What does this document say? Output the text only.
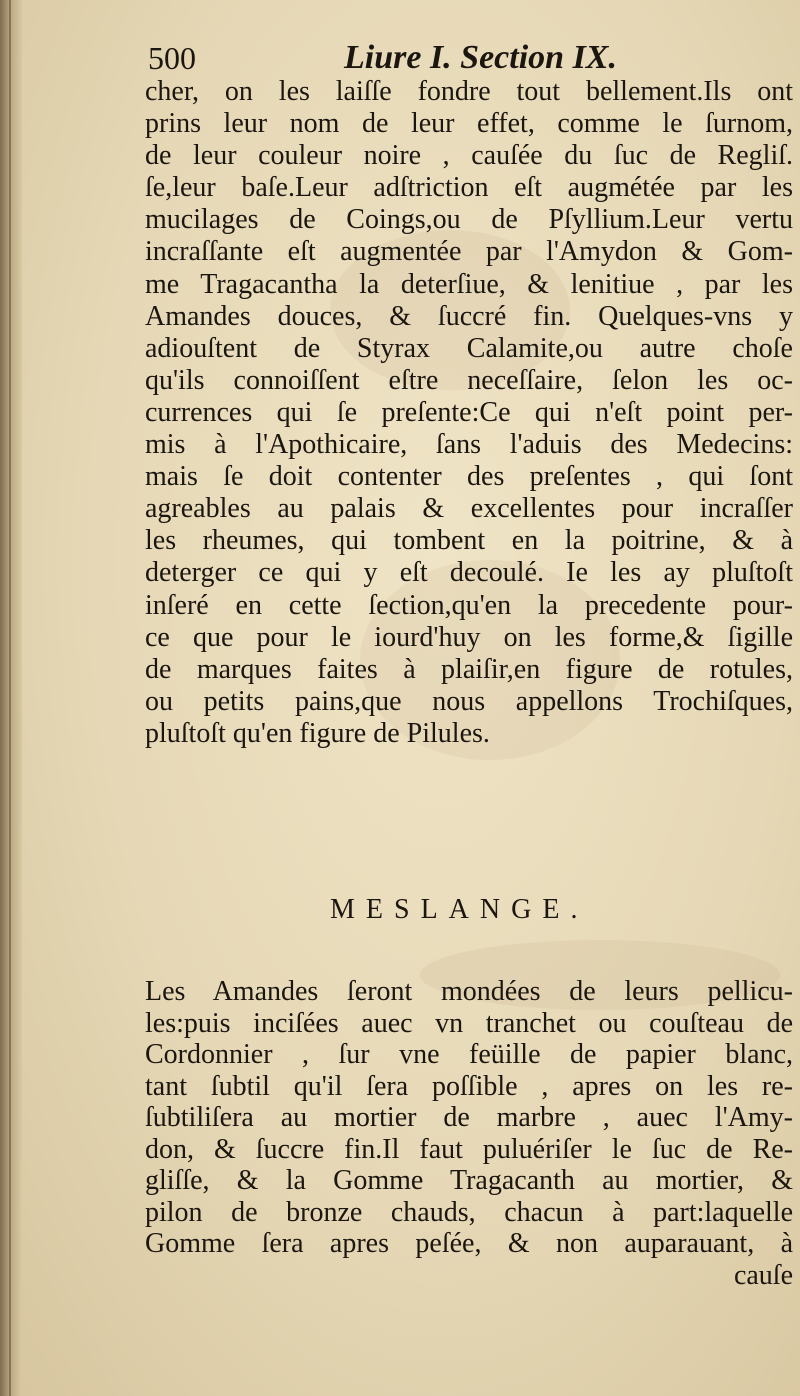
500	Liure I. Section IX.
cher, on les laiſſe fondre tout bellement.Ils ont
prins leur nom de leur effet, comme le ſurnom,
de leur couleur noire , cauſée du ſuc de Regliſ.
ſe,leur baſe.Leur adſtriction eſt augmétée par les
mucilages de Coings,ou de Pſyllium.Leur vertu
incraſſante eſt augmentée par l'Amydon & Gom-
me Tragacantha la deterſiue, & lenitiue , par les
Amandes douces, & ſuccré fin. Quelques-vns y
adiouſtent de Styrax Calamite,ou autre choſe
qu'ils connoiſſent eſtre neceſſaire, ſelon les oc-
currences qui ſe preſente:Ce qui n'eſt point per-
mis à l'Apothicaire, ſans l'aduis des Medecins:
mais ſe doit contenter des preſentes , qui ſont
agreables au palais & excellentes pour incraſſer
les rheumes, qui tombent en la poitrine, & à
deterger ce qui y eſt decoulé. Ie les ay pluſtoſt
inſeré en cette ſection,qu'en la precedente pour-
ce que pour le iourd'huy on les forme,& ſigille
de marques faites à plaiſir,en figure de rotules,
ou petits pains,que nous appellons Trochiſques,
pluſtoſt qu'en figure de Pilules.
MESLANGE.
Les Amandes ſeront mondées de leurs pellicu-
les:puis inciſées auec vn tranchet ou couſteau de
Cordonnier , ſur vne feüille de papier blanc,
tant ſubtil qu'il ſera poſſible , apres on les re-
ſubtiliſera au mortier de marbre , auec l'Amy-
don, & ſuccre fin.Il faut puluériſer le ſuc de Re-
gliſſe, & la Gomme Tragacanth au mortier, &
pilon de bronze chauds, chacun à part:laquelle
Gomme ſera apres peſée, & non auparauant, à
cauſe
